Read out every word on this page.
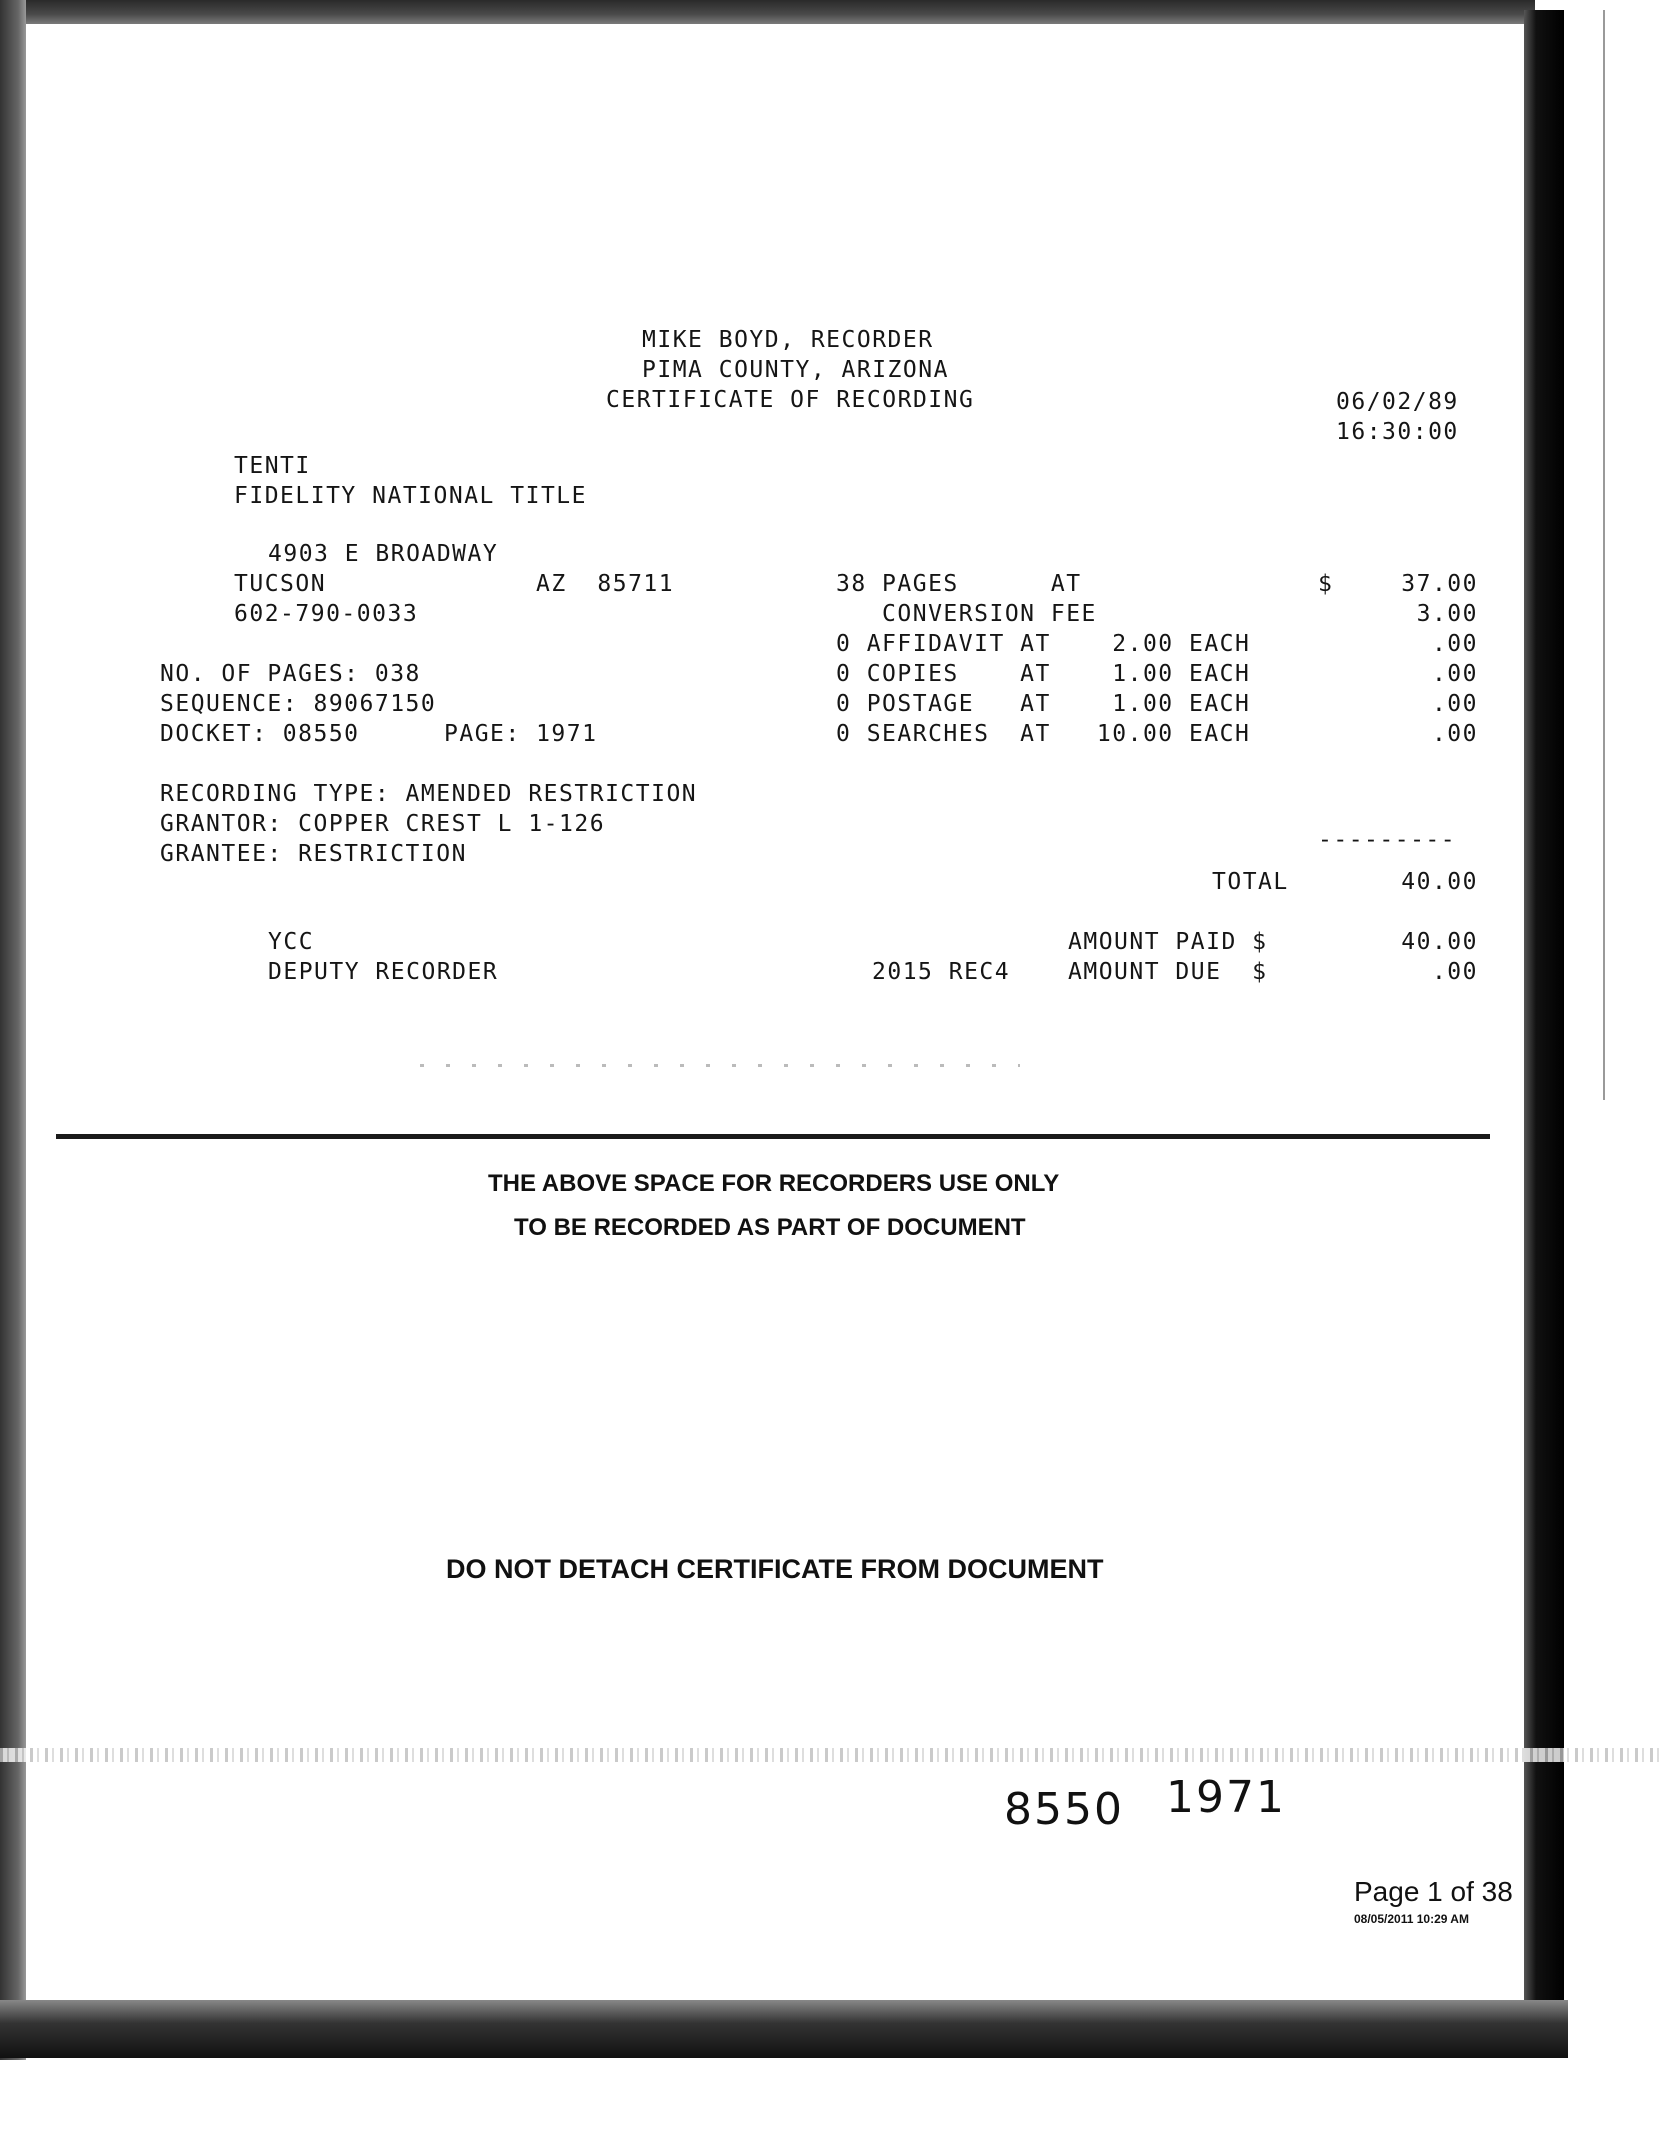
MIKE BOYD, RECORDER
PIMA COUNTY, ARIZONA
CERTIFICATE OF RECORDING	06/02/89
16:30:00
TENTI
FIDELITY NATIONAL TITLE
4903 E BROADWAY
TUCSON	AZ  85711
602-790-0033
38 PAGES      AT	$	37.00
CONVERSION FEE	3.00
0 AFFIDAVIT AT    2.00 EACH	.00
0 COPIES    AT    1.00 EACH	.00
0 POSTAGE   AT    1.00 EACH	.00
0 SEARCHES  AT   10.00 EACH	.00
NO. OF PAGES: 038
SEQUENCE: 89067150
DOCKET: 08550	PAGE: 1971
RECORDING TYPE: AMENDED RESTRICTION
GRANTOR: COPPER CREST L 1-126
GRANTEE: RESTRICTION
---------
TOTAL	40.00
YCC	AMOUNT PAID $	40.00
DEPUTY RECORDER	2015 REC4	AMOUNT DUE  $	.00
THE ABOVE SPACE FOR RECORDERS USE ONLY
TO BE RECORDED AS PART OF DOCUMENT
DO NOT DETACH CERTIFICATE FROM DOCUMENT
8550 1971
Page 1 of 38
08/05/2011 10:29 AM
